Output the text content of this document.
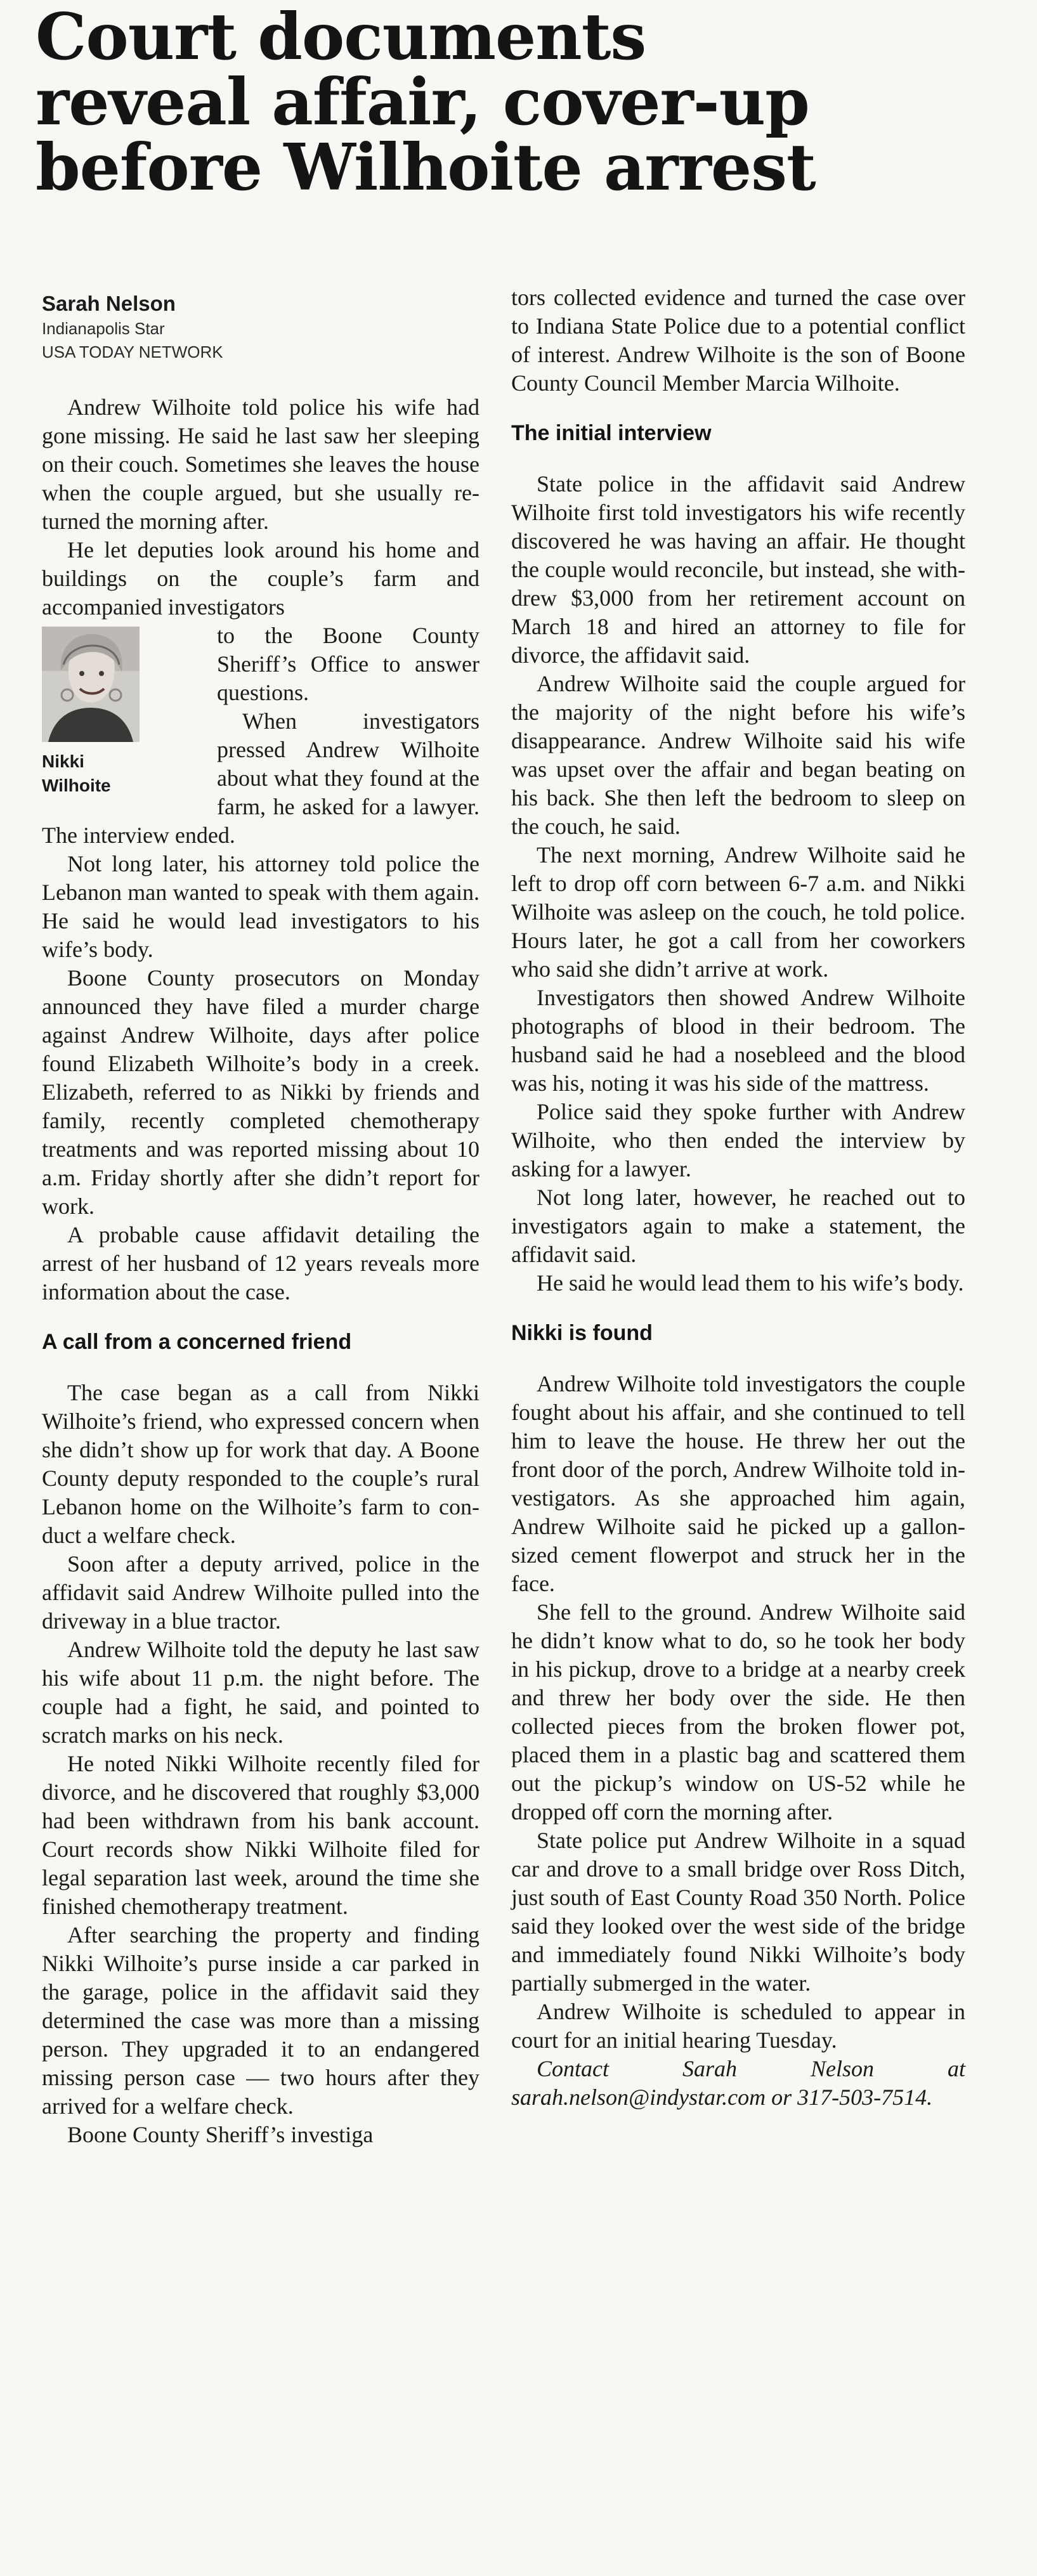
Court documents
reveal affair, cover-up
before Wilhoite arrest
Sarah Nelson
Indianapolis Star
USA TODAY NETWORK

Andrew Wilhoite told police his wife had gone missing. He said he last saw her sleeping on their couch. Sometimes she leaves the house when the couple argued, but she usually returned the morning after.

He let deputies look around his home and buildings on the couple’s farm and accompanied investigators

Nikki
Wilhoite

to the Boone County Sheriff’s Office to answer questions.

When investigators pressed Andrew Wilhoite about what they found at the farm, he asked for a lawyer. The interview ended.

Not long later, his attorney told police the Lebanon man wanted to speak with them again. He said he would lead investigators to his wife’s body.

Boone County prosecutors on Monday announced they have filed a murder charge against Andrew Wilhoite, days after police found Elizabeth Wilhoite’s body in a creek. Elizabeth, referred to as Nikki by friends and family, recently completed chemotherapy treatments and was reported missing about 10 a.m. Friday shortly after she didn’t report for work.

A probable cause affidavit detailing the arrest of her husband of 12 years reveals more information about the case.

A call from a concerned friend

The case began as a call from Nikki Wilhoite’s friend, who expressed concern when she didn’t show up for work that day. A Boone County deputy responded to the couple’s rural Lebanon home on the Wilhoite’s farm to conduct a welfare check.

Soon after a deputy arrived, police in the affidavit said Andrew Wilhoite pulled into the driveway in a blue tractor.

Andrew Wilhoite told the deputy he last saw his wife about 11 p.m. the night before. The couple had a fight, he said, and pointed to scratch marks on his neck.

He noted Nikki Wilhoite recently filed for divorce, and he discovered that roughly $3,000 had been withdrawn from his bank account. Court records show Nikki Wilhoite filed for legal separation last week, around the time she finished chemotherapy treatment.

After searching the property and finding Nikki Wilhoite’s purse inside a car parked in the garage, police in the affidavit said they determined the case was more than a missing person. They upgraded it to an endangered missing person case — two hours after they arrived for a welfare check.

Boone County Sheriff’s investiga

tors collected evidence and turned the case over to Indiana State Police due to a potential conflict of interest. Andrew Wilhoite is the son of Boone County Council Member Marcia Wilhoite.

The initial interview

State police in the affidavit said Andrew Wilhoite first told investigators his wife recently discovered he was having an affair. He thought the couple would reconcile, but instead, she withdrew $3,000 from her retirement account on March 18 and hired an attorney to file for divorce, the affidavit said.

Andrew Wilhoite said the couple argued for the majority of the night before his wife’s disappearance. Andrew Wilhoite said his wife was upset over the affair and began beating on his back. She then left the bedroom to sleep on the couch, he said.

The next morning, Andrew Wilhoite said he left to drop off corn between 6-7 a.m. and Nikki Wilhoite was asleep on the couch, he told police. Hours later, he got a call from her coworkers who said she didn’t arrive at work.

Investigators then showed Andrew Wilhoite photographs of blood in their bedroom. The husband said he had a nosebleed and the blood was his, noting it was his side of the mattress.

Police said they spoke further with Andrew Wilhoite, who then ended the interview by asking for a lawyer.

Not long later, however, he reached out to investigators again to make a statement, the affidavit said.

He said he would lead them to his wife’s body.

Nikki is found

Andrew Wilhoite told investigators the couple fought about his affair, and she continued to tell him to leave the house. He threw her out the front door of the porch, Andrew Wilhoite told investigators. As she approached him again, Andrew Wilhoite said he picked up a gallon-sized cement flowerpot and struck her in the face.

She fell to the ground. Andrew Wilhoite said he didn’t know what to do, so he took her body in his pickup, drove to a bridge at a nearby creek and threw her body over the side. He then collected pieces from the broken flower pot, placed them in a plastic bag and scattered them out the pickup’s window on US-52 while he dropped off corn the morning after.

State police put Andrew Wilhoite in a squad car and drove to a small bridge over Ross Ditch, just south of East County Road 350 North. Police said they looked over the west side of the bridge and immediately found Nikki Wilhoite’s body partially submerged in the water.

Andrew Wilhoite is scheduled to appear in court for an initial hearing Tuesday.

Contact Sarah Nelson at sarah.nelson@indystar.com or 317-503-7514.
